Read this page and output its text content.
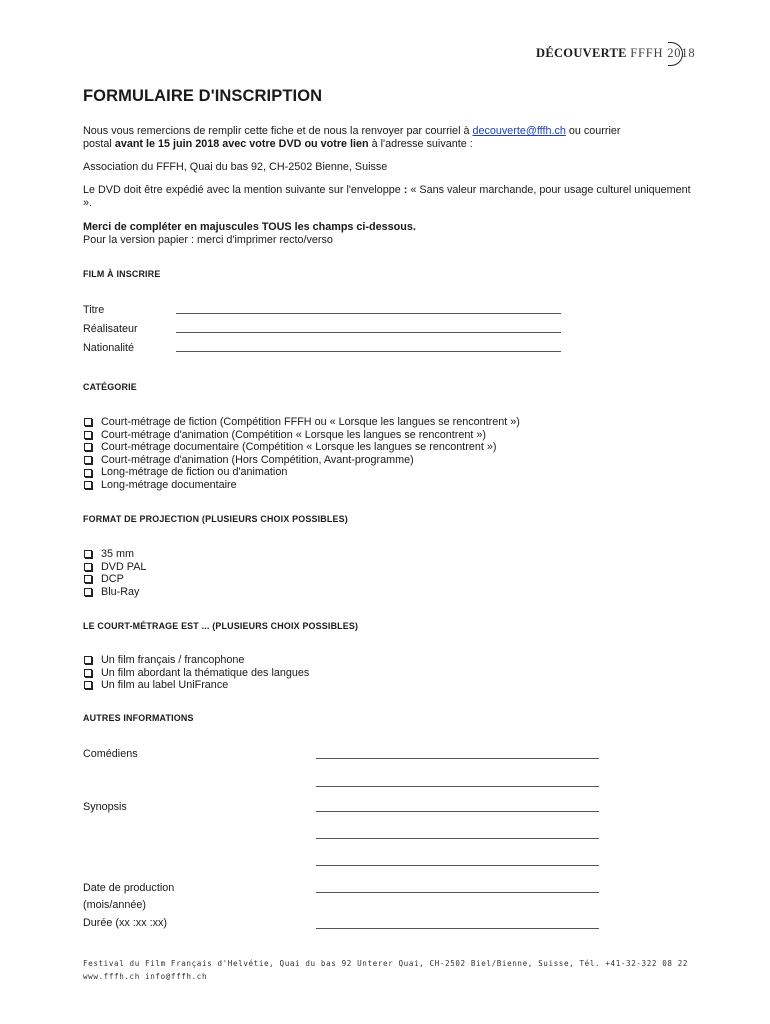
DÉCOUVERTE FFFH 2018
FORMULAIRE D'INSCRIPTION
Nous vous remercions de remplir cette fiche et de nous la renvoyer par courriel à decouverte@fffh.ch ou courrier
postal avant le 15 juin 2018 avec votre DVD ou votre lien à l'adresse suivante :
Association du FFFH, Quai du bas 92, CH-2502 Bienne, Suisse
Le DVD doit être expédié avec la mention suivante sur l'enveloppe : « Sans valeur marchande, pour usage culturel uniquement ».
Merci de compléter en majuscules TOUS les champs ci-dessous.
Pour la version papier : merci d'imprimer recto/verso
FILM À INSCRIRE
Titre
Réalisateur
Nationalité
CATÉGORIE
Court-métrage de fiction (Compétition FFFH ou « Lorsque les langues se rencontrent »)
Court-métrage d'animation (Compétition « Lorsque les langues se rencontrent »)
Court-métrage documentaire (Compétition « Lorsque les langues se rencontrent »)
Court-métrage d'animation (Hors Compétition, Avant-programme)
Long-métrage de fiction ou d'animation
Long-métrage documentaire
FORMAT DE PROJECTION (PLUSIEURS CHOIX POSSIBLES)
35 mm
DVD PAL
DCP
Blu-Ray
LE COURT-MÉTRAGE EST ... (PLUSIEURS CHOIX POSSIBLES)
Un film français / francophone
Un film abordant la thématique des langues
Un film au label UniFrance
AUTRES INFORMATIONS
Comédiens
Synopsis
Date de production
(mois/année)
Durée (xx :xx :xx)
Festival du Film Français d'Helvétie, Quai du bas 92 Unterer Quai, CH-2502 Biel/Bienne, Suisse, Tél. +41-32-322 08 22
www.fffh.ch info@fffh.ch
